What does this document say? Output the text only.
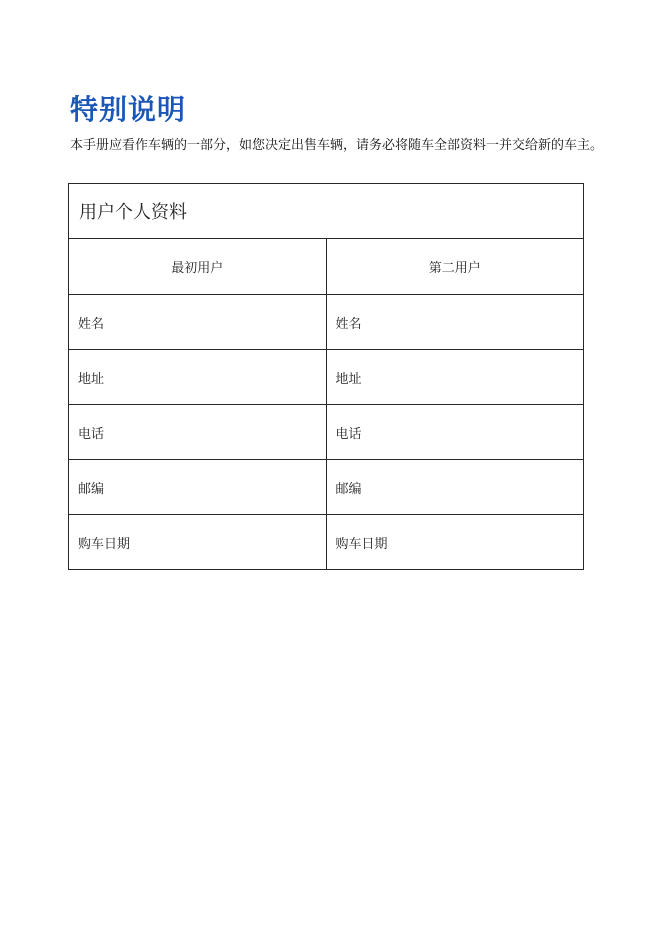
特别说明

本手册应看作车辆的一部分，如您决定出售车辆，请务必将随车全部资料一并交给新的车主。

用户个人资料	
最初用户	第二用户
姓名	姓名
地址	地址
电话	电话
邮编	邮编
购车日期	购车日期
